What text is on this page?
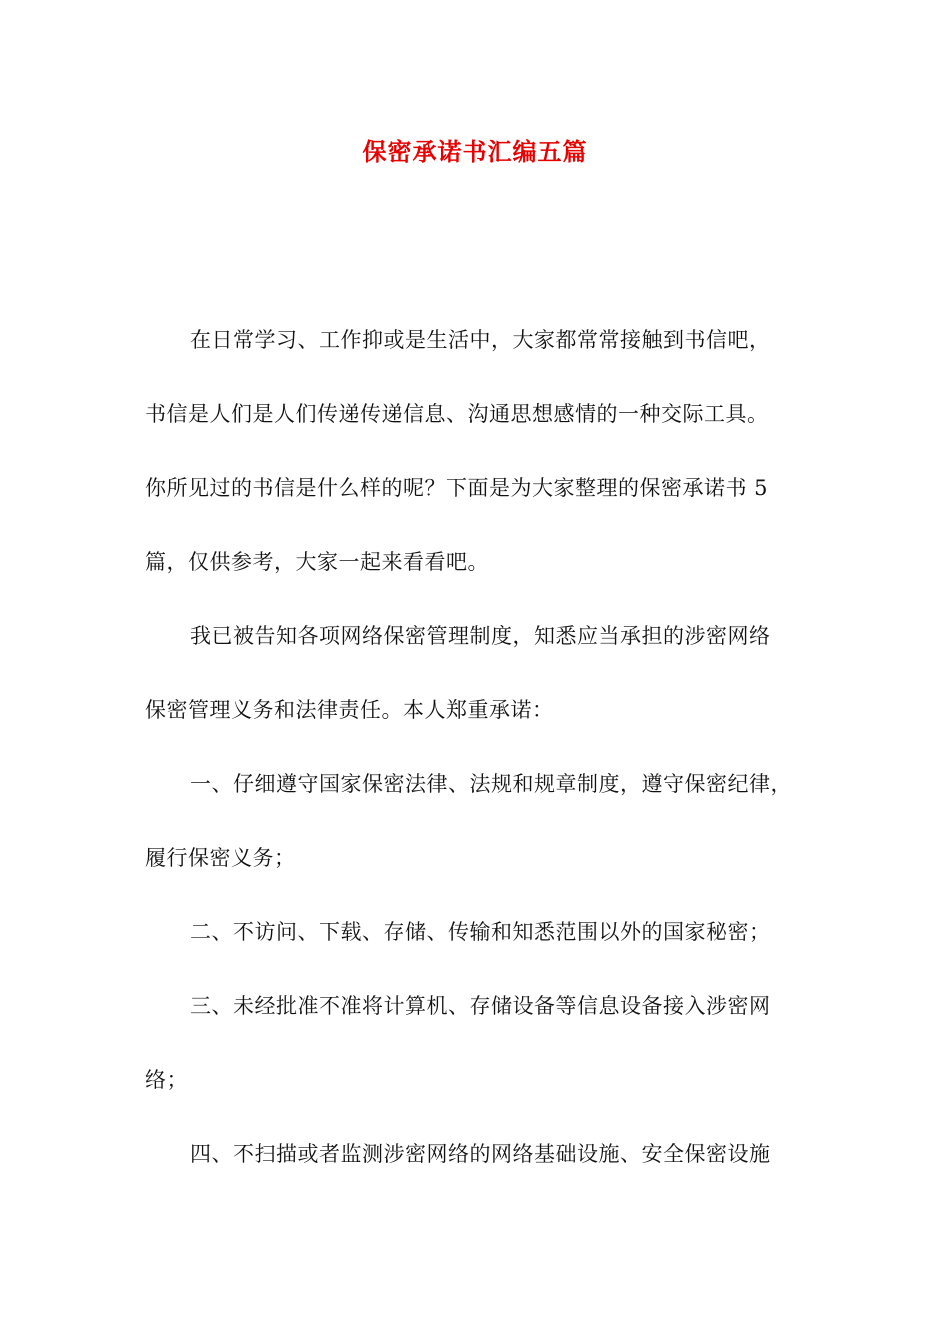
保密承诺书汇编五篇
在日常学习、工作抑或是生活中，大家都常常接触到书信吧，
书信是人们是人们传递传递信息、沟通思想感情的一种交际工具。
你所见过的书信是什么样的呢？下面是为大家整理的保密承诺书 5
篇，仅供参考，大家一起来看看吧。
我已被告知各项网络保密管理制度，知悉应当承担的涉密网络
保密管理义务和法律责任。本人郑重承诺：
一、仔细遵守国家保密法律、法规和规章制度，遵守保密纪律，
履行保密义务；
二、不访问、下载、存储、传输和知悉范围以外的国家秘密；
三、未经批准不准将计算机、存储设备等信息设备接入涉密网
络；
四、不扫描或者监测涉密网络的网络基础设施、安全保密设施
